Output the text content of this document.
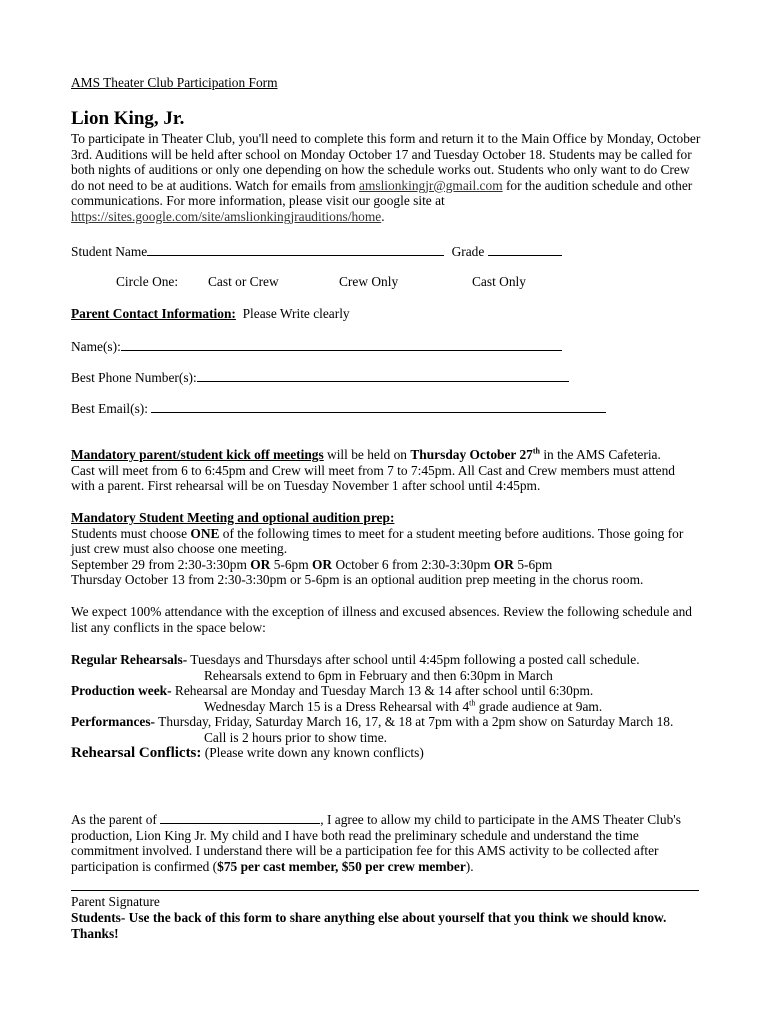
AMS Theater Club Participation Form
Lion King, Jr.
To participate in Theater Club, you'll need to complete this form and return it to the Main Office by Monday, October 3rd. Auditions will be held after school on Monday October 17 and Tuesday October 18. Students may be called for both nights of auditions or only one depending on how the schedule works out. Students who only want to do Crew do not need to be at auditions. Watch for emails from amslionkingjr@gmail.com for the audition schedule and other communications. For more information, please visit our google site at https://sites.google.com/site/amslionkingjrauditions/home.
Student Name	Grade
Circle One: Cast or Crew	Crew Only	Cast Only
Parent Contact Information: Please Write clearly
Name(s):
Best Phone Number(s):
Best Email(s):
Mandatory parent/student kick off meetings will be held on Thursday October 27th in the AMS Cafeteria.
Cast will meet from 6 to 6:45pm and Crew will meet from 7 to 7:45pm. All Cast and Crew members must attend with a parent. First rehearsal will be on Tuesday November 1 after school until 4:45pm.
Mandatory Student Meeting and optional audition prep:
Students must choose ONE of the following times to meet for a student meeting before auditions. Those going for just crew must also choose one meeting.
September 29 from 2:30-3:30pm OR 5-6pm OR October 6 from 2:30-3:30pm OR 5-6pm
Thursday October 13 from 2:30-3:30pm or 5-6pm is an optional audition prep meeting in the chorus room.
We expect 100% attendance with the exception of illness and excused absences. Review the following schedule and list any conflicts in the space below:
Regular Rehearsals- Tuesdays and Thursdays after school until 4:45pm following a posted call schedule.
Rehearsals extend to 6pm in February and then 6:30pm in March
Production week- Rehearsal are Monday and Tuesday March 13 & 14 after school until 6:30pm.
Wednesday March 15 is a Dress Rehearsal with 4th grade audience at 9am.
Performances- Thursday, Friday, Saturday March 16, 17, & 18 at 7pm with a 2pm show on Saturday March 18.
Call is 2 hours prior to show time.
Rehearsal Conflicts: (Please write down any known conflicts)
As the parent of	, I agree to allow my child to participate in the AMS Theater Club's production, Lion King Jr. My child and I have both read the preliminary schedule and understand the time commitment involved. I understand there will be a participation fee for this AMS activity to be collected after participation is confirmed ($75 per cast member, $50 per crew member).
Parent Signature
Students- Use the back of this form to share anything else about yourself that you think we should know. Thanks!
